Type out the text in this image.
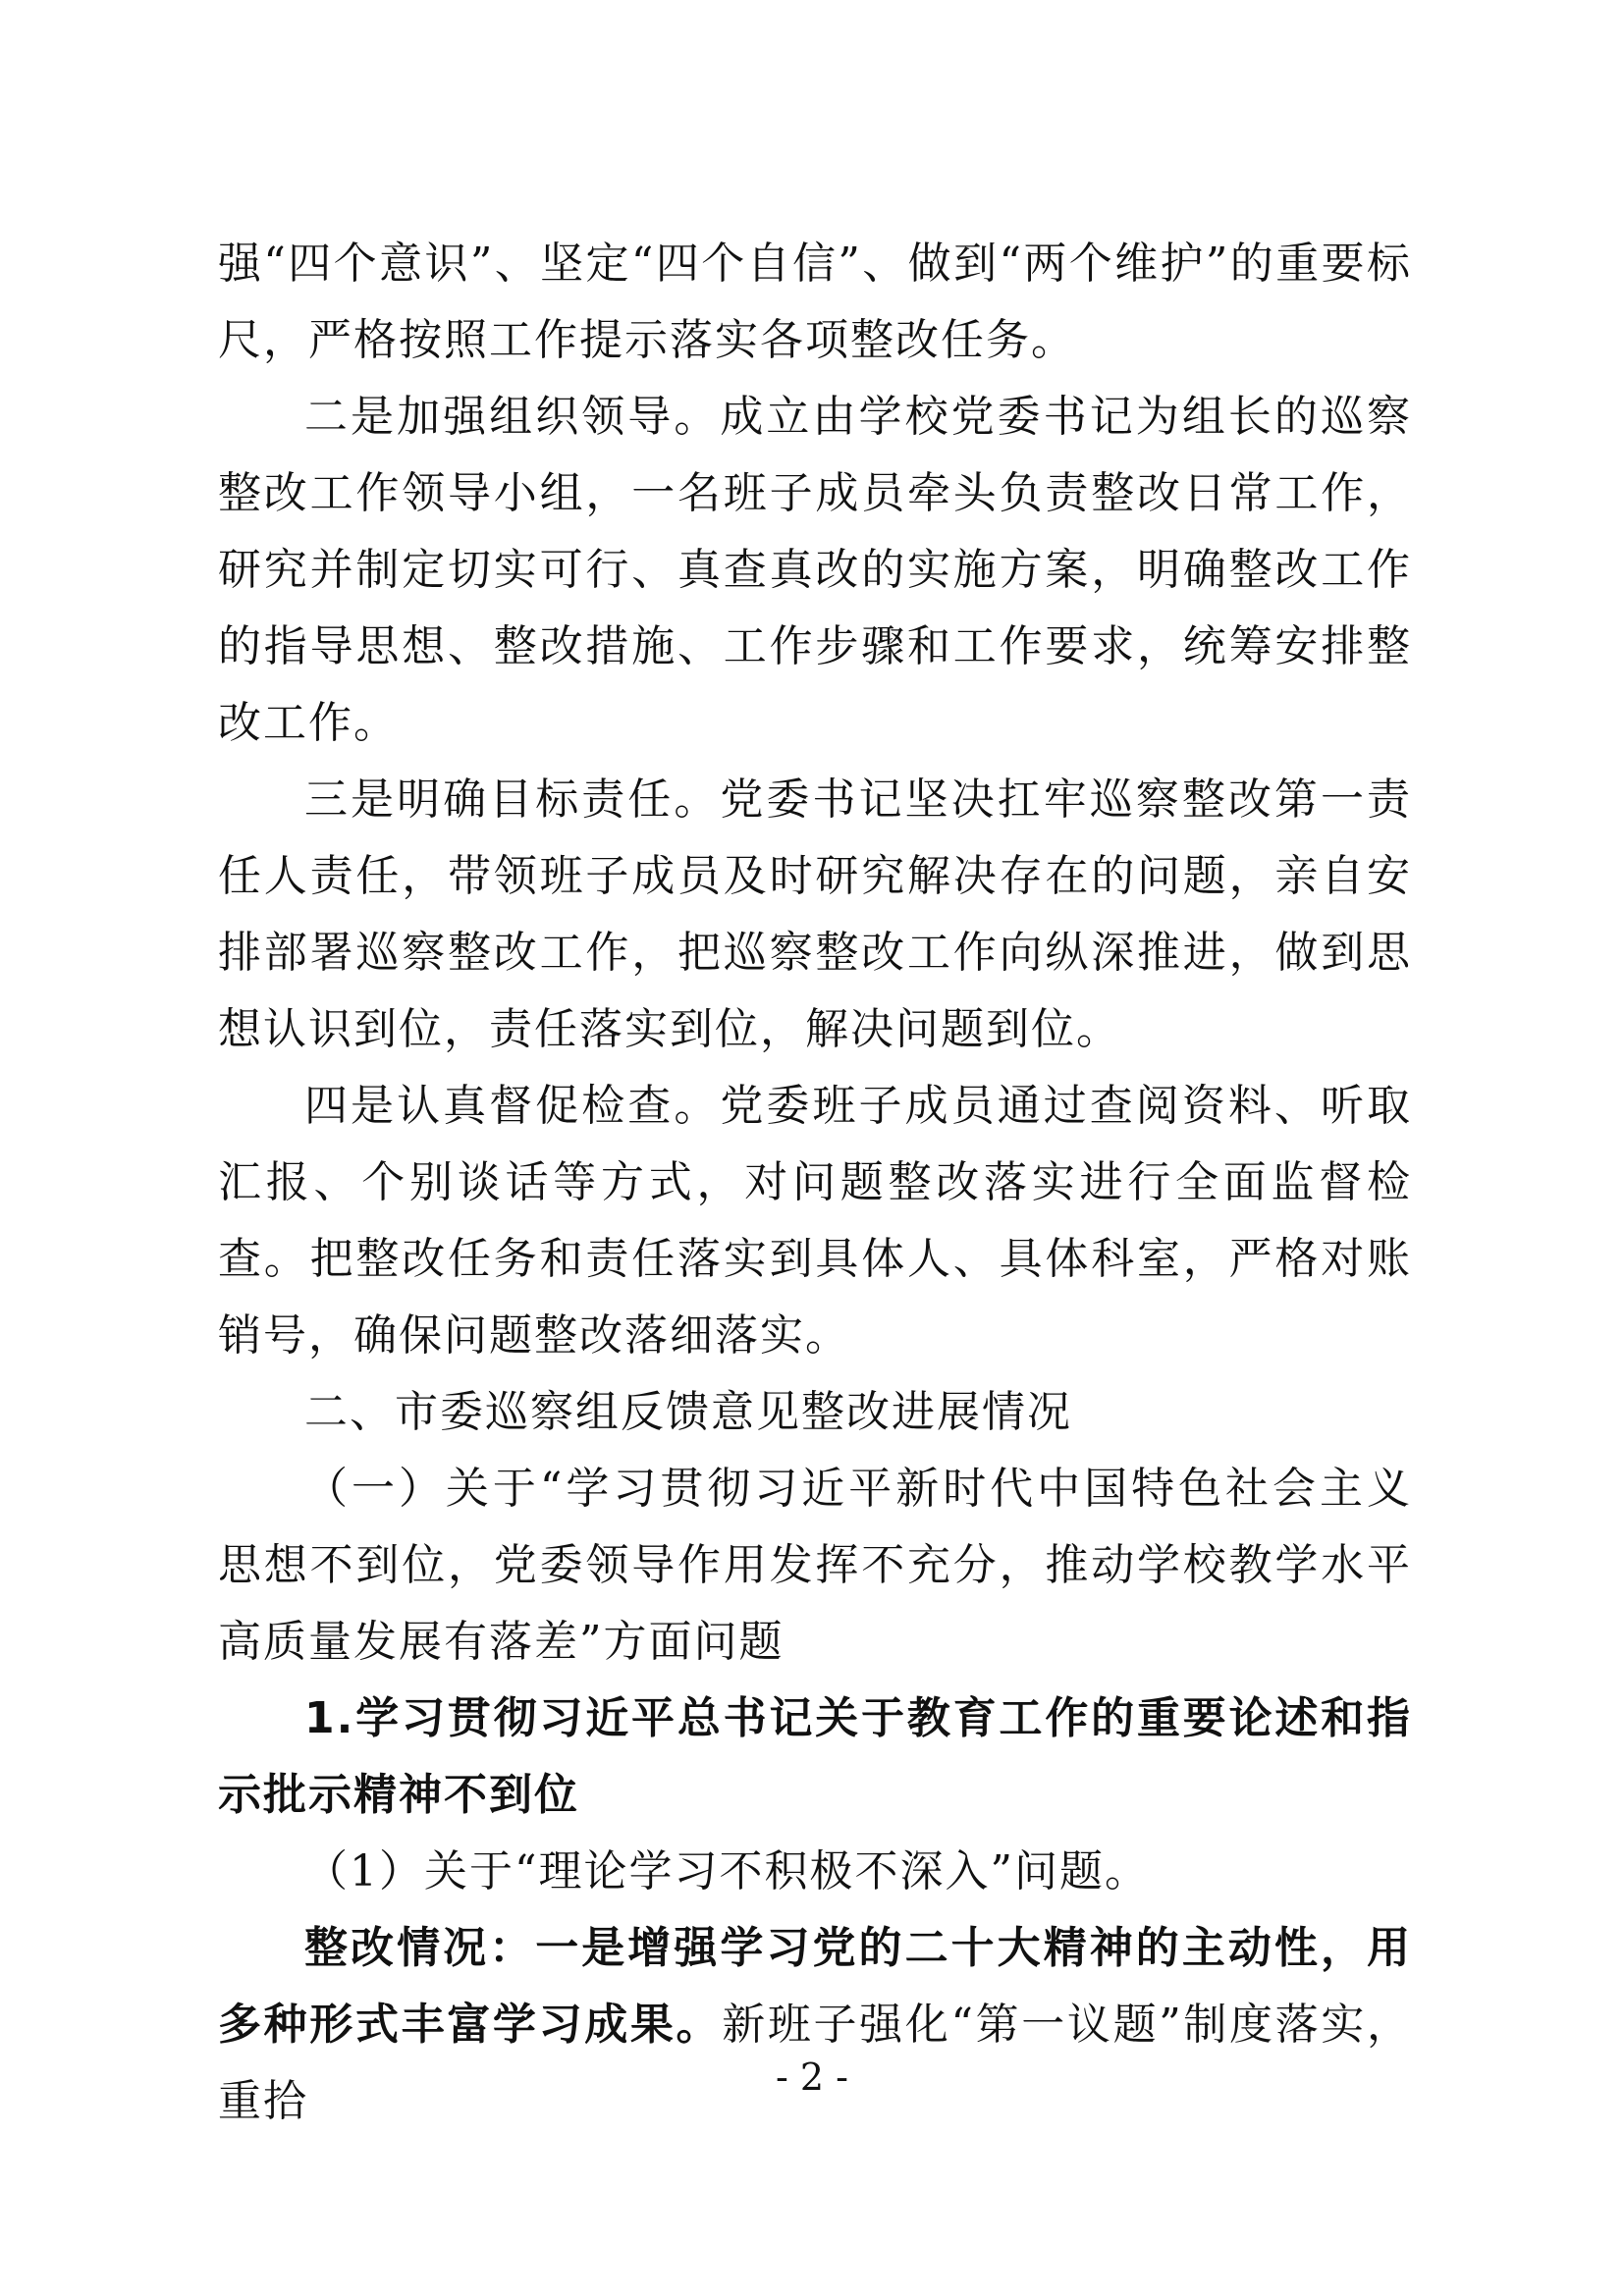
强“四个意识”、坚定“四个自信”、做到“两个维护”的重要标尺，严格按照工作提示落实各项整改任务。

二是加强组织领导。成立由学校党委书记为组长的巡察整改工作领导小组，一名班子成员牵头负责整改日常工作，研究并制定切实可行、真查真改的实施方案，明确整改工作的指导思想、整改措施、工作步骤和工作要求，统筹安排整改工作。

三是明确目标责任。党委书记坚决扛牢巡察整改第一责任人责任，带领班子成员及时研究解决存在的问题，亲自安排部署巡察整改工作，把巡察整改工作向纵深推进，做到思想认识到位，责任落实到位，解决问题到位。

四是认真督促检查。党委班子成员通过查阅资料、听取汇报、个别谈话等方式，对问题整改落实进行全面监督检查。把整改任务和责任落实到具体人、具体科室，严格对账销号，确保问题整改落细落实。

二、市委巡察组反馈意见整改进展情况

（一）关于“学习贯彻习近平新时代中国特色社会主义思想不到位，党委领导作用发挥不充分，推动学校教学水平高质量发展有落差”方面问题

1.学习贯彻习近平总书记关于教育工作的重要论述和指示批示精神不到位

（1）关于“理论学习不积极不深入”问题。

整改情况：一是增强学习党的二十大精神的主动性，用多种形式丰富学习成果。新班子强化“第一议题”制度落实，重拾	- 2 -
